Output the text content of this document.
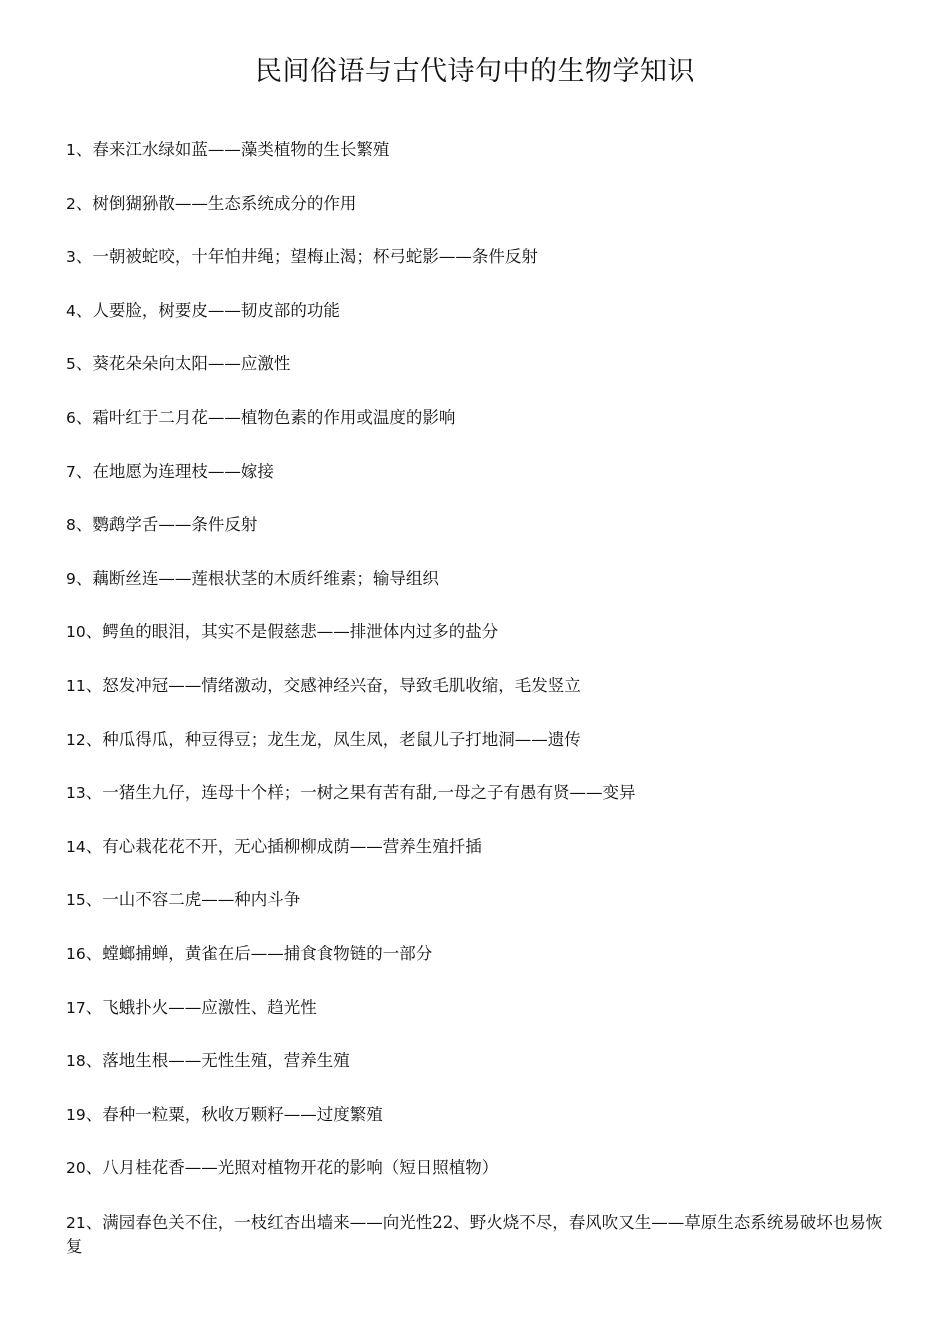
民间俗语与古代诗句中的生物学知识
1、春来江水绿如蓝——藻类植物的生长繁殖
2、树倒猢狲散——生态系统成分的作用
3、一朝被蛇咬，十年怕井绳；望梅止渴；杯弓蛇影——条件反射
4、人要脸，树要皮——韧皮部的功能
5、葵花朵朵向太阳——应激性
6、霜叶红于二月花——植物色素的作用或温度的影响
7、在地愿为连理枝——嫁接
8、鹦鹉学舌——条件反射
9、藕断丝连——莲根状茎的木质纤维素；输导组织
10、鳄鱼的眼泪，其实不是假慈悲——排泄体内过多的盐分
11、怒发冲冠——情绪激动，交感神经兴奋，导致毛肌收缩，毛发竖立
12、种瓜得瓜，种豆得豆；龙生龙，凤生凤，老鼠儿子打地洞——遗传
13、一猪生九仔，连母十个样；一树之果有苦有甜,一母之子有愚有贤——变异
14、有心栽花花不开，无心插柳柳成荫——营养生殖扦插
15、一山不容二虎——种内斗争
16、螳螂捕蝉，黄雀在后——捕食食物链的一部分
17、飞蛾扑火——应激性、趋光性
18、落地生根——无性生殖，营养生殖
19、春种一粒粟，秋收万颗籽——过度繁殖
20、八月桂花香——光照对植物开花的影响（短日照植物）
21、满园春色关不住，一枝红杏出墙来——向光性22、野火烧不尽，春风吹又生——草原生态系统易破坏也易恢复
